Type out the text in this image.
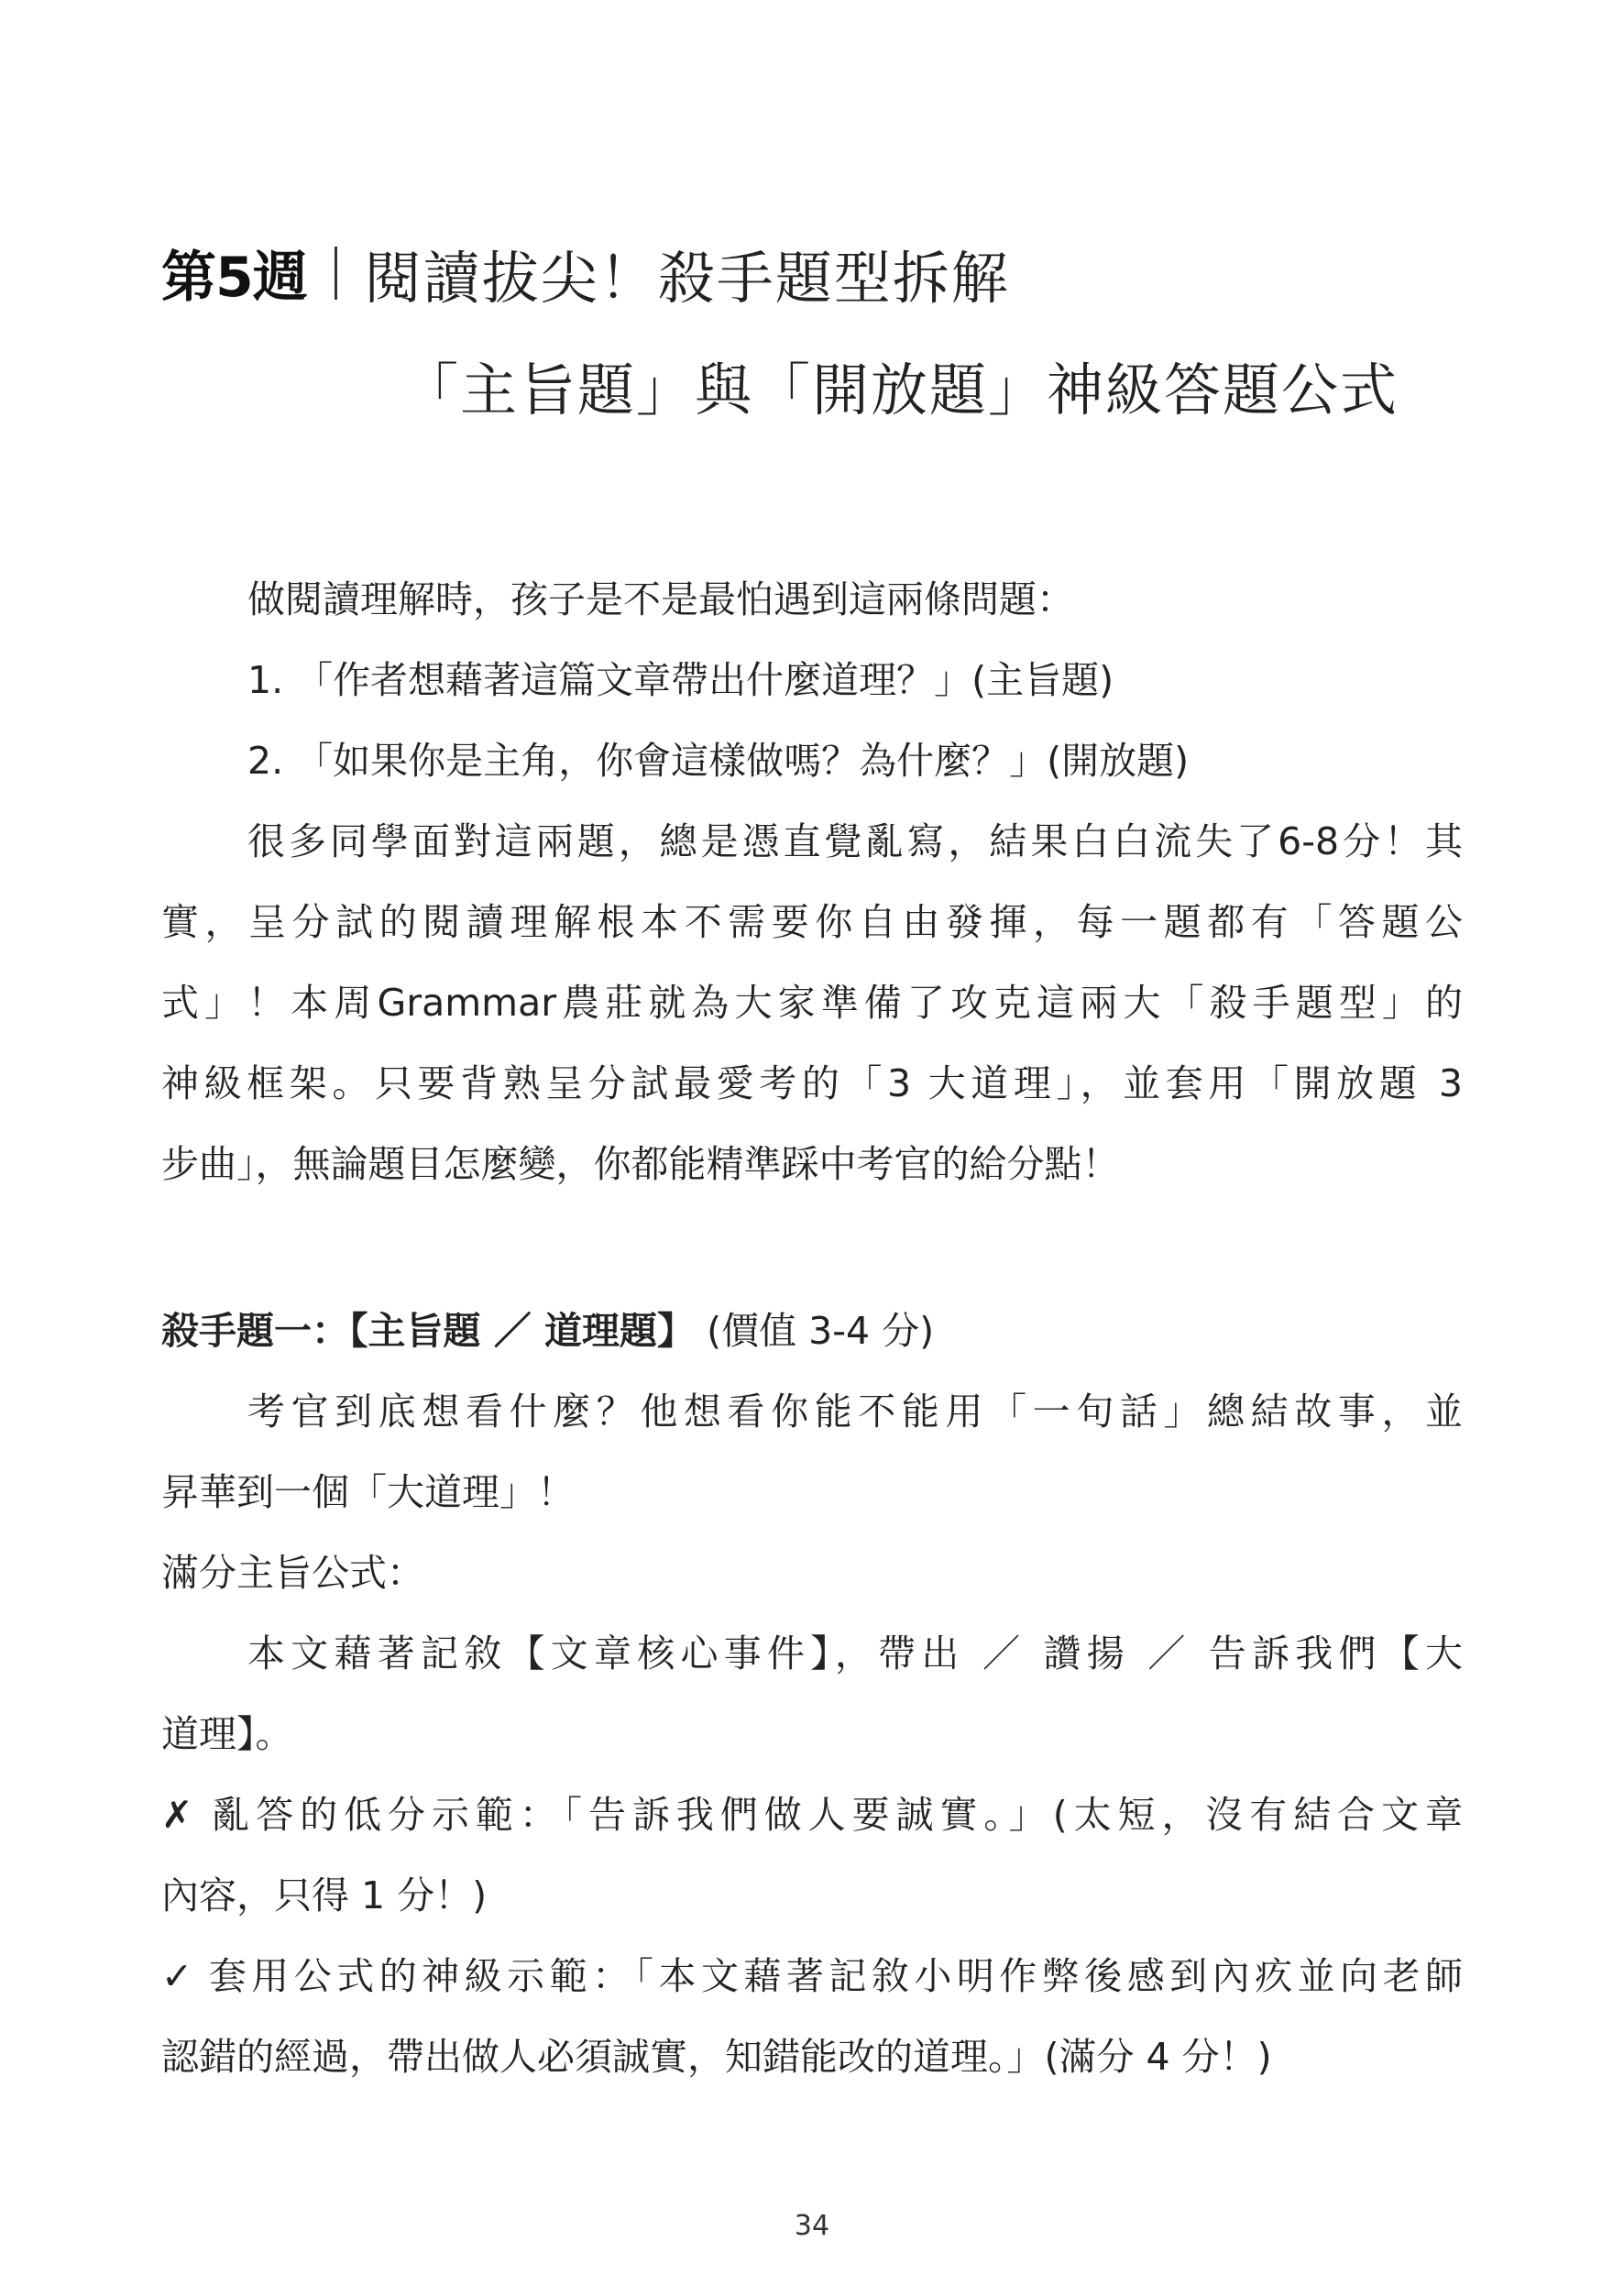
第5週 閱讀拔尖！殺手題型拆解
「主旨題」與「開放題」神級答題公式
做閱讀理解時，孩子是不是最怕遇到這兩條問題：
1. 「作者想藉著這篇文章帶出什麼道理？」(主旨題)
2. 「如果你是主角，你會這樣做嗎？為什麼？」(開放題)
很多同學面對這兩題，總是憑直覺亂寫，結果白白流失了6-8分！其
實，呈分試的閱讀理解根本不需要你自由發揮，每一題都有「答題公
式」！本周Grammar農莊就為大家準備了攻克這兩大「殺手題型」的
神級框架。只要背熟呈分試最愛考的「3 大道理」，並套用「開放題 3
步曲」，無論題目怎麼變，你都能精準踩中考官的給分點！
殺手題一：【主旨題 ／ 道理題】 (價值 3-4 分)
考官到底想看什麼？他想看你能不能用「一句話」總結故事，並
昇華到一個「大道理」！
滿分主旨公式：
本文藉著記敘【文章核心事件】，帶出 ／ 讚揚 ／ 告訴我們【大
道理】。
✗ 亂答的低分示範：「告訴我們做人要誠實。」(太短，沒有結合文章
內容，只得 1 分！)
✓ 套用公式的神級示範：「本文藉著記敘小明作弊後感到內疚並向老師
認錯的經過，帶出做人必須誠實，知錯能改的道理。」(滿分 4 分！)
34
